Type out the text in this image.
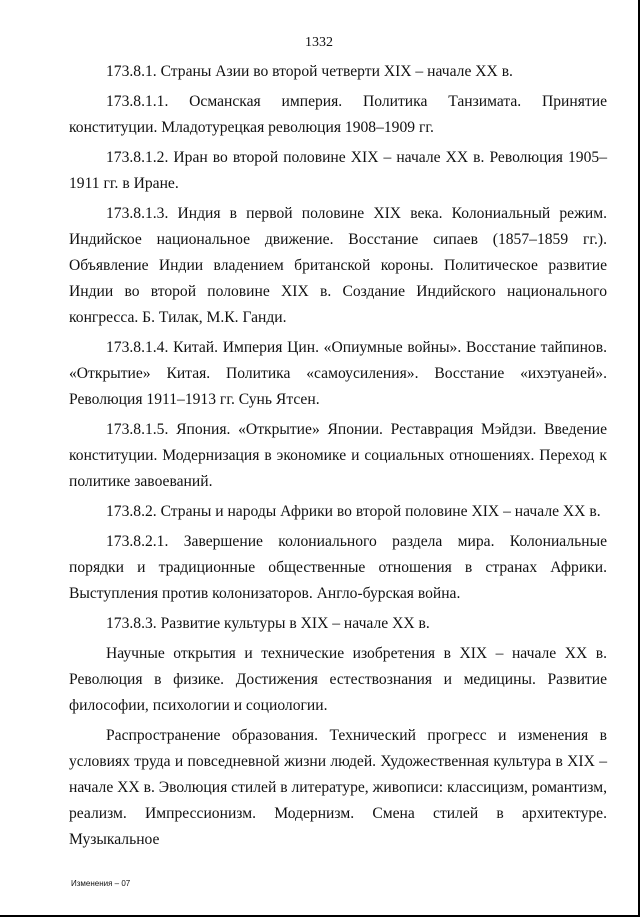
1332

173.8.1. Страны Азии во второй четверти XIX – начале XX в.

173.8.1.1. Османская империя. Политика Танзимата. Принятие конституции. Младотурецкая революция 1908–1909 гг.

173.8.1.2. Иран во второй половине XIX – начале XX в. Революция 1905–1911 гг. в Иране.

173.8.1.3. Индия в первой половине XIX века. Колониальный режим. Индийское национальное движение. Восстание сипаев (1857–1859 гг.). Объявление Индии владением британской короны. Политическое развитие Индии во второй половине XIX в. Создание Индийского национального конгресса. Б. Тилак, М.К. Ганди.

173.8.1.4. Китай. Империя Цин. «Опиумные войны». Восстание тайпинов. «Открытие» Китая. Политика «самоусиления». Восстание «ихэтуаней». Революция 1911–1913 гг. Сунь Ятсен.

173.8.1.5. Япония. «Открытие» Японии. Реставрация Мэйдзи. Введение конституции. Модернизация в экономике и социальных отношениях. Переход к политике завоеваний.

173.8.2. Страны и народы Африки во второй половине XIX – начале XX в.

173.8.2.1. Завершение колониального раздела мира. Колониальные порядки и традиционные общественные отношения в странах Африки. Выступления против колонизаторов. Англо-бурская война.

173.8.3. Развитие культуры в XIX – начале XX в.

Научные открытия и технические изобретения в XIX – начале XX в. Революция в физике. Достижения естествознания и медицины. Развитие философии, психологии и социологии.

Распространение образования. Технический прогресс и изменения в условиях труда и повседневной жизни людей. Художественная культура в XIX – начале XX в. Эволюция стилей в литературе, живописи: классицизм, романтизм, реализм. Импрессионизм. Модернизм. Смена стилей в архитектуре. Музыкальное

Изменения – 07
